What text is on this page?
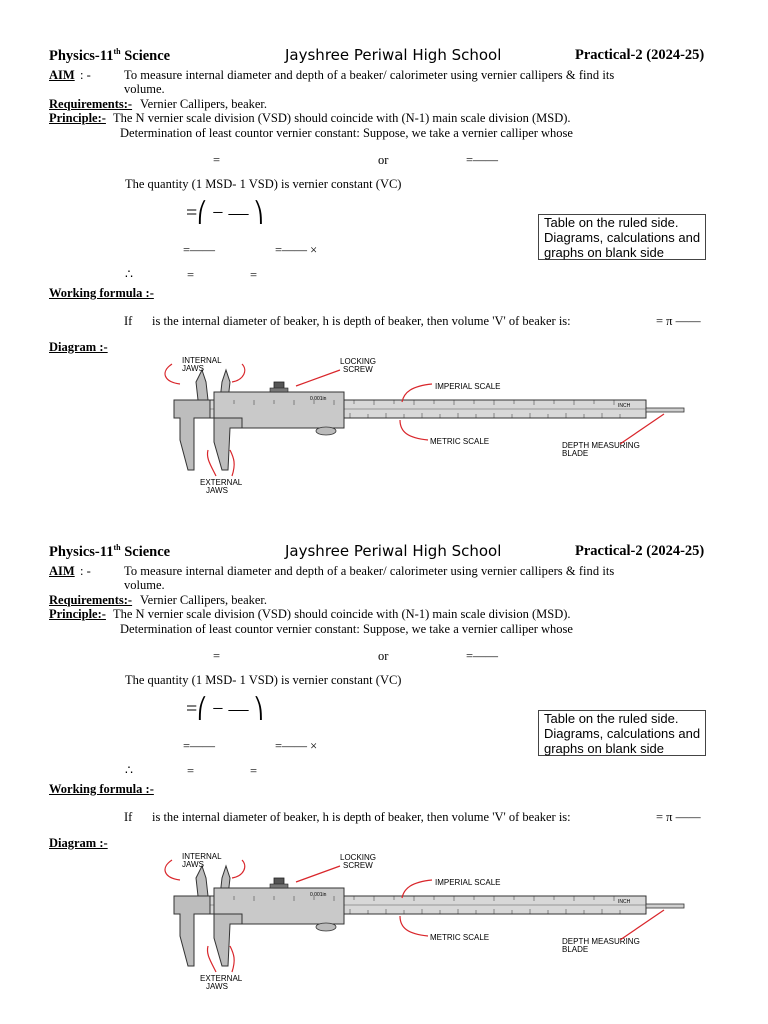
Physics-11th Science	Jayshree Periwal High School	Practical-2 (2024-25)
AIM : -	To measure internal diameter and depth of a beaker/ calorimeter using vernier callipers & find its
volume.
Requirements:- Vernier Callipers, beaker.
Principle:- The N vernier scale division (VSD) should coincide with (N-1) main scale division (MSD).
Determination of least countor vernier constant: Suppose, we take a vernier calliper whose
=	or	=——
The quantity (1 MSD- 1 VSD) is vernier constant (VC)
=⎛ − — ⎞
=——	=—— ×
∴	=	=
Table on the ruled side. Diagrams, calculations and graphs on blank side
Working formula :-
If is the internal diameter of beaker, h is depth of beaker, then volume 'V' of beaker is:	= π ——
Diagram :-
0.001in
INCH
INTERNAL JAWS
LOCKING SCREW
IMPERIAL SCALE
METRIC SCALE	DEPTH MEASURING BLADE
EXTERNAL JAWS
Physics-11th Science	Jayshree Periwal High School	Practical-2 (2024-25)
AIM : -	To measure internal diameter and depth of a beaker/ calorimeter using vernier callipers & find its
volume.
Requirements:- Vernier Callipers, beaker.
Principle:- The N vernier scale division (VSD) should coincide with (N-1) main scale division (MSD).
Determination of least countor vernier constant: Suppose, we take a vernier calliper whose
=	or	=——
The quantity (1 MSD- 1 VSD) is vernier constant (VC)
=⎛ − — ⎞
=——	=—— ×
∴	=	=
Table on the ruled side. Diagrams, calculations and graphs on blank side
Working formula :-
If is the internal diameter of beaker, h is depth of beaker, then volume 'V' of beaker is:	= π ——
Diagram :-
0.001in
INCH
INTERNAL JAWS
LOCKING SCREW
IMPERIAL SCALE
METRIC SCALE	DEPTH MEASURING BLADE
EXTERNAL JAWS
